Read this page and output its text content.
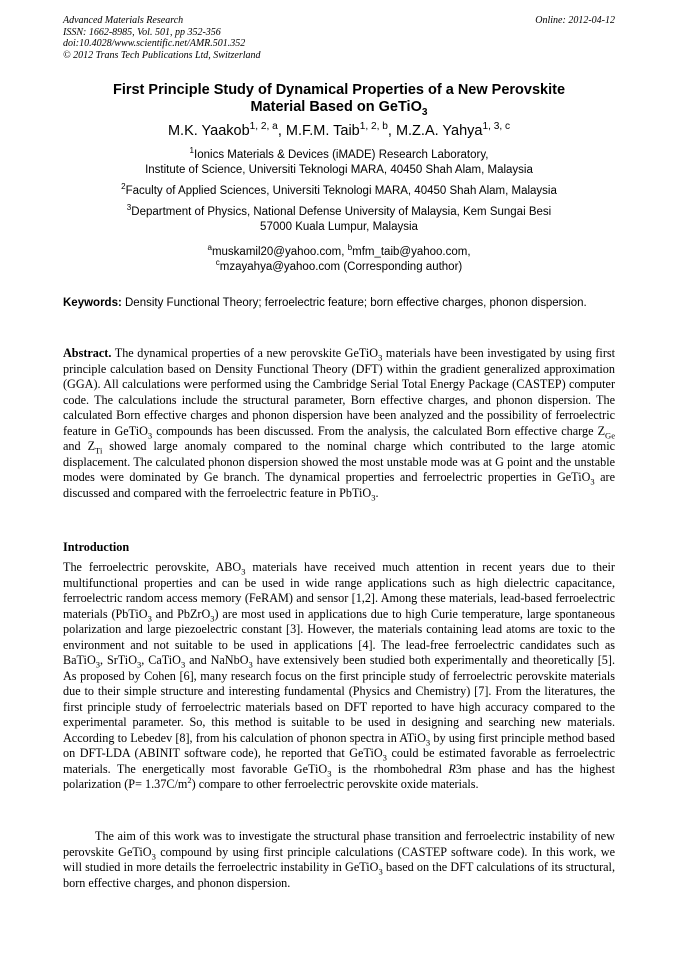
Advanced Materials Research
ISSN: 1662-8985, Vol. 501, pp 352-356
doi:10.4028/www.scientific.net/AMR.501.352
© 2012 Trans Tech Publications Ltd, Switzerland
Online: 2012-04-12
First Principle Study of Dynamical Properties of a New Perovskite
Material Based on GeTiO$_3$
M.K. Yaakob$^{1, 2, a}$, M.F.M. Taib$^{1, 2, b}$, M.Z.A. Yahya$^{1, 3, c}$
$^1$Ionics Materials & Devices (iMADE) Research Laboratory,
Institute of Science, Universiti Teknologi MARA, 40450 Shah Alam, Malaysia
$^2$Faculty of Applied Sciences, Universiti Teknologi MARA, 40450 Shah Alam, Malaysia
$^3$Department of Physics, National Defense University of Malaysia, Kem Sungai Besi
57000 Kuala Lumpur, Malaysia
$^a$muskamil20@yahoo.com, $^b$mfm_taib@yahoo.com,
$^c$mzayahya@yahoo.com (Corresponding author)
Keywords: Density Functional Theory; ferroelectric feature; born effective charges, phonon dispersion.
Abstract. The dynamical properties of a new perovskite GeTiO$_3$ materials have been investigated by using first principle calculation based on Density Functional Theory (DFT) within the gradient generalized approximation (GGA). All calculations were performed using the Cambridge Serial Total Energy Package (CASTEP) computer code. The calculations include the structural parameter, Born effective charges, and phonon dispersion. The calculated Born effective charges and phonon dispersion have been analyzed and the possibility of ferroelectric feature in GeTiO$_3$ compounds has been discussed. From the analysis, the calculated Born effective charge $Z_{Ge}$ and $Z_{Ti}$ showed large anomaly compared to the nominal charge which contributed to the large atomic displacement. The calculated phonon dispersion showed the most unstable mode was at G point and the unstable modes were dominated by Ge branch. The dynamical properties and ferroelectric properties in GeTiO$_3$ are discussed and compared with the ferroelectric feature in PbTiO$_3$.
Introduction

The ferroelectric perovskite, $ABO_3$ materials have received much attention in recent years due to their multifunctional properties and can be used in wide range applications such as high dielectric capacitance, ferroelectric random access memory (FeRAM) and sensor [1,2]. Among these materials, lead-based ferroelectric materials (PbTiO$_3$ and PbZrO$_3$) are most used in applications due to high Curie temperature, large spontaneous polarization and large piezoelectric constant [3]. However, the materials containing lead atoms are toxic to the environment and not suitable to be used in applications [4]. The lead-free ferroelectric candidates such as BaTiO$_3$, SrTiO$_3$, CaTiO$_3$ and NaNbO$_3$ have extensively been studied both experimentally and theoretically [5]. As proposed by Cohen [6], many research focus on the first principle study of ferroelectric perovskite materials due to their simple structure and interesting fundamental (Physics and Chemistry) [7]. From the literatures, the first principle study of ferroelectric materials based on DFT reported to have high accuracy compared to the experimental parameter. So, this method is suitable to be used in designing and searching new materials. According to Lebedev [8], from his calculation of phonon spectra in ATiO$_3$ by using first principle method based on DFT-LDA (ABINIT software code), he reported that GeTiO$_3$ could be estimated favorable as ferroelectric materials. The energetically most favorable GeTiO$_3$ is the rhombohedral R3m phase and has the highest polarization $(P= 1.37C/m^2)$ compare to other ferroelectric perovskite oxide materials.

The aim of this work was to investigate the structural phase transition and ferroelectric instability of new perovskite GeTiO$_3$ compound by using first principle calculations (CASTEP software code). In this work, we will studied in more details the ferroelectric instability in GeTiO$_3$ based on the DFT calculations of its structural, born effective charges, and phonon dispersion.
